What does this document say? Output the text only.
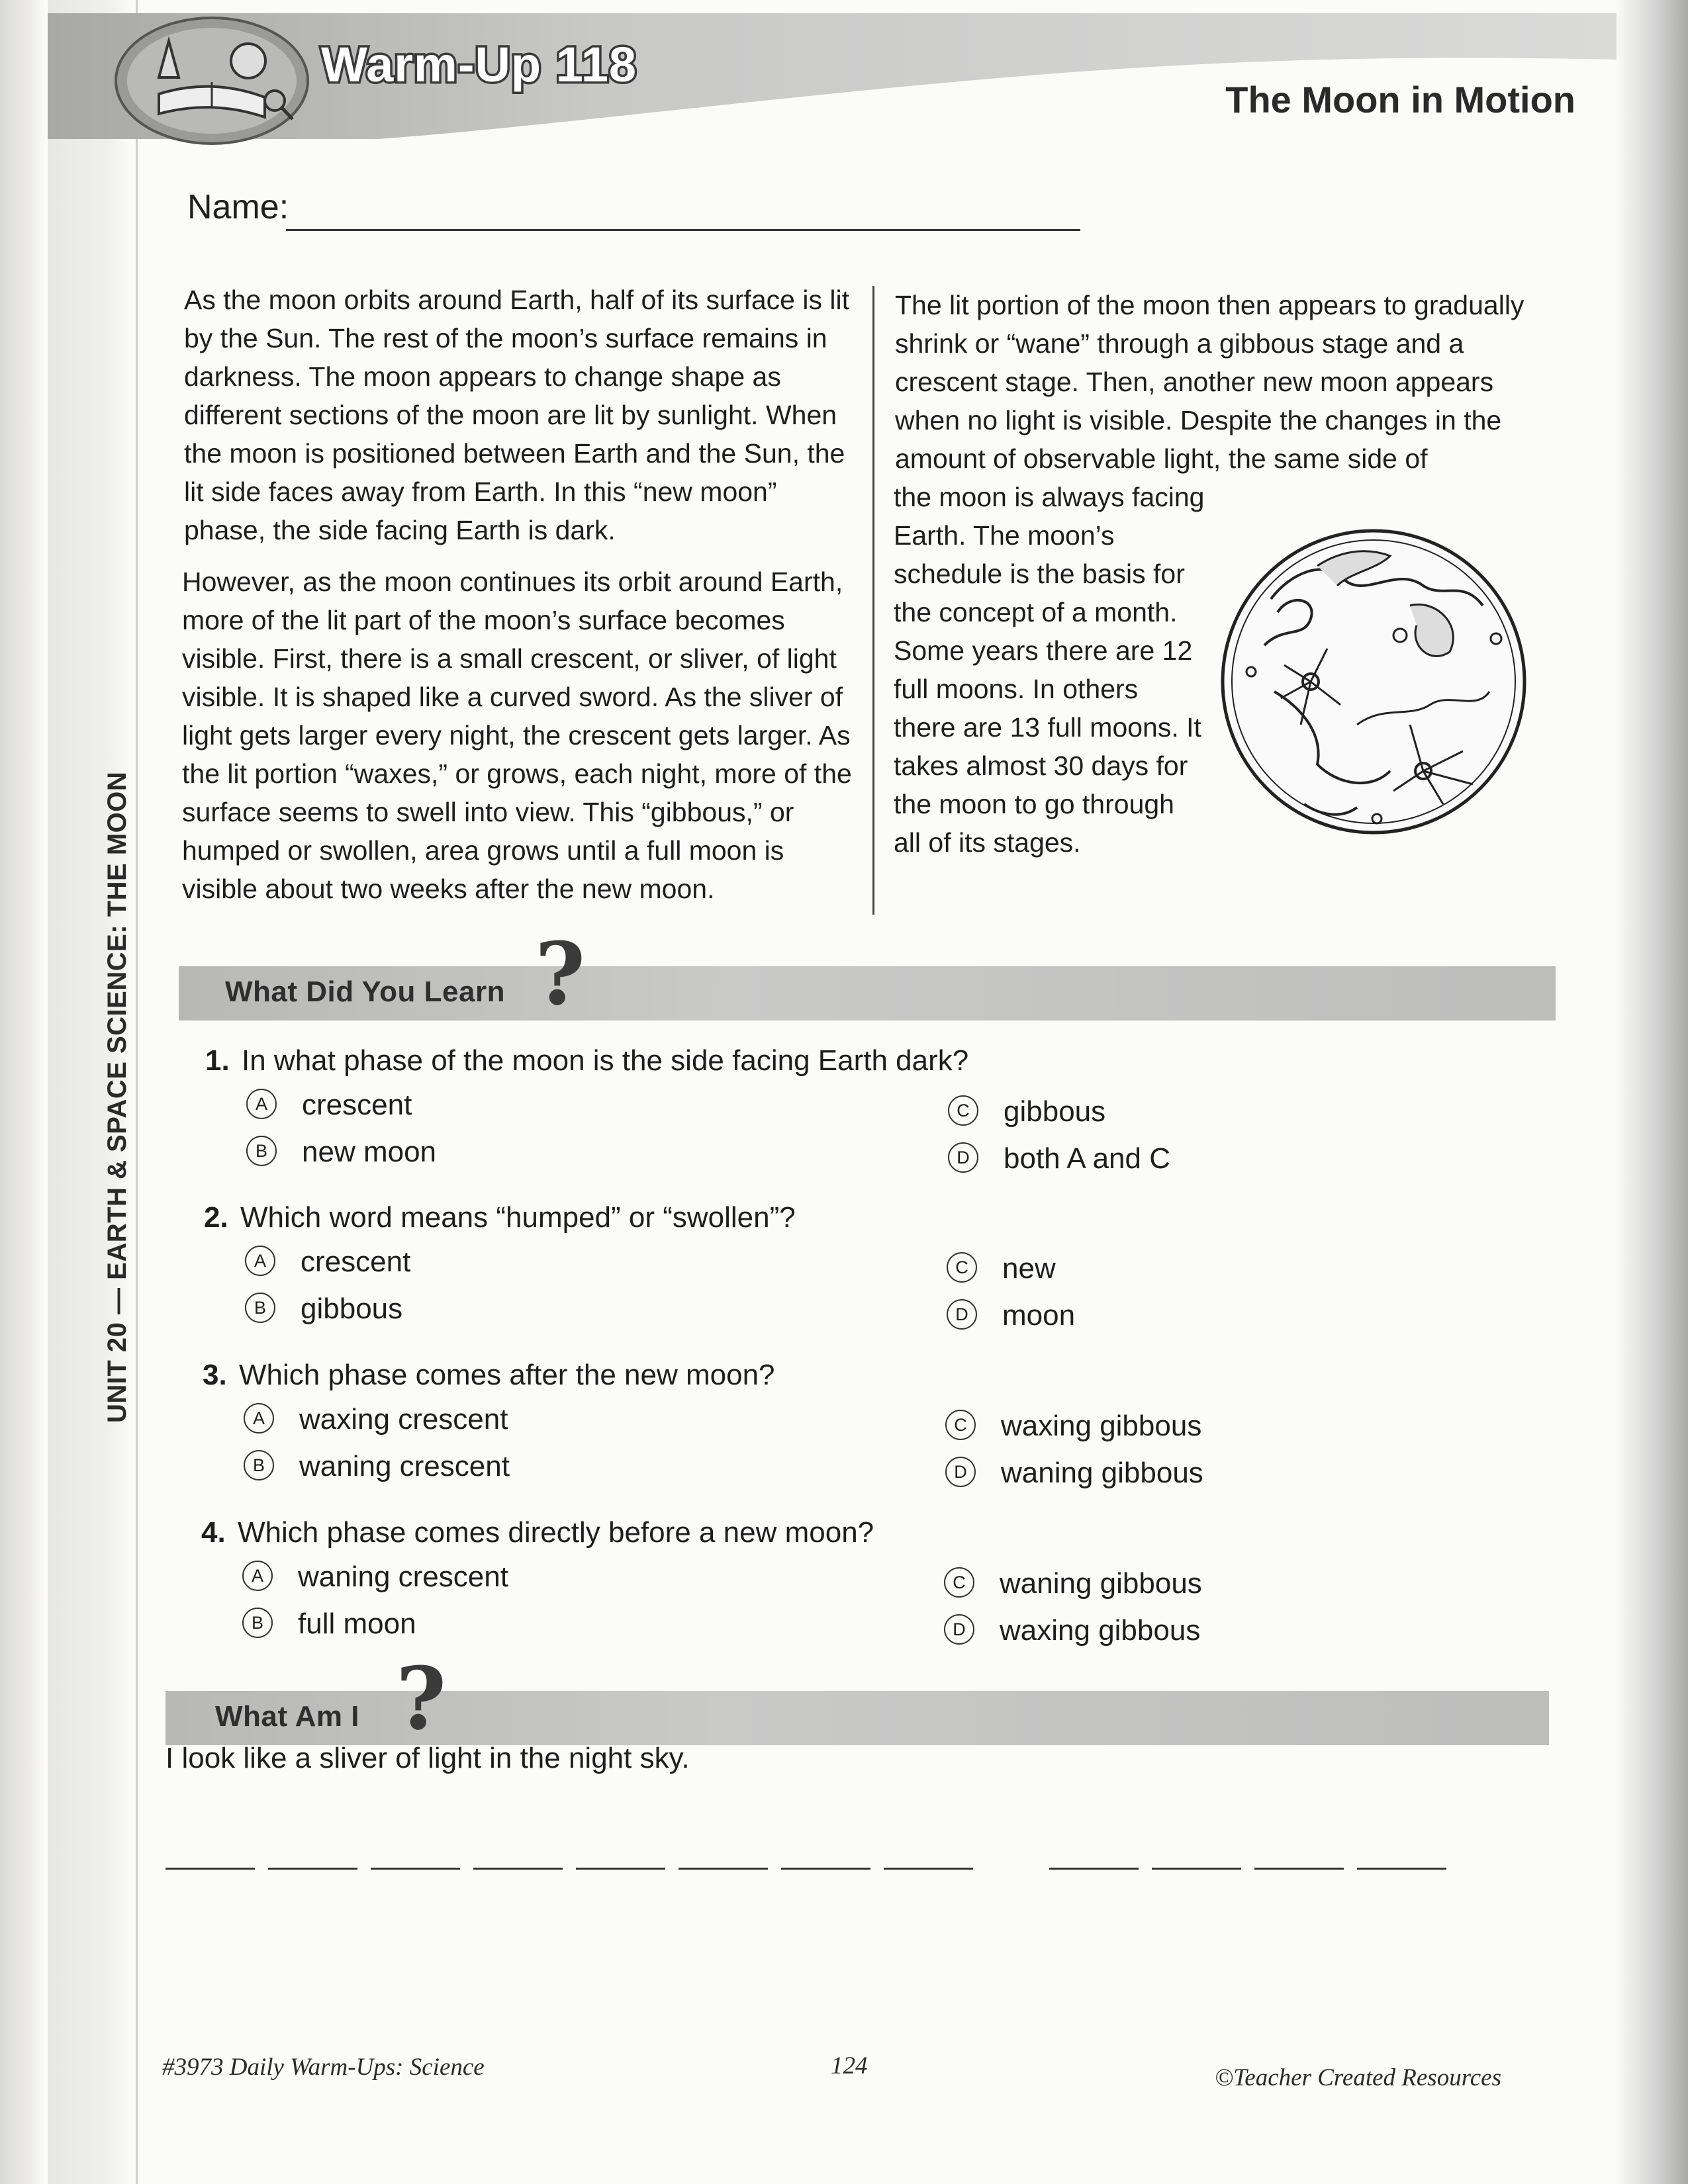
Warm-Up 118
The Moon in Motion
Name:
As the moon orbits around Earth, half of its surface is lit by the Sun. The rest of the moon’s surface remains in darkness. The moon appears to change shape as different sections of the moon are lit by sunlight. When the moon is positioned between Earth and the Sun, the lit side faces away from Earth. In this “new moon” phase, the side facing Earth is dark.
However, as the moon continues its orbit around Earth, more of the lit part of the moon’s surface becomes visible. First, there is a small crescent, or sliver, of light visible. It is shaped like a curved sword. As the sliver of light gets larger every night, the crescent gets larger. As the lit portion “waxes,” or grows, each night, more of the surface seems to swell into view. This “gibbous,” or humped or swollen, area grows until a full moon is visible about two weeks after the new moon.
The lit portion of the moon then appears to gradually shrink or “wane” through a gibbous stage and a crescent stage. Then, another new moon appears when no light is visible. Despite the changes in the amount of observable light, the same side of
the moon is always facing Earth. The moon’s schedule is the basis for the concept of a month. Some years there are 12 full moons. In others there are 13 full moons. It takes almost 30 days for the moon to go through all of its stages.
What Did You Learn ?
1. In what phase of the moon is the side facing Earth dark?
A crescent
B new moon
C gibbous
D both A and C
2. Which word means “humped” or “swollen”?
A crescent
B gibbous
C new
D moon
3. Which phase comes after the new moon?
A waxing crescent
B waning crescent
C waxing gibbous
D waning gibbous
4. Which phase comes directly before a new moon?
A waning crescent
B full moon
C waning gibbous
D waxing gibbous
What Am I ?
I look like a sliver of light in the night sky.
#3973 Daily Warm-Ups: Science	124	©Teacher Created Resources
UNIT 20 — EARTH & SPACE SCIENCE: THE MOON
